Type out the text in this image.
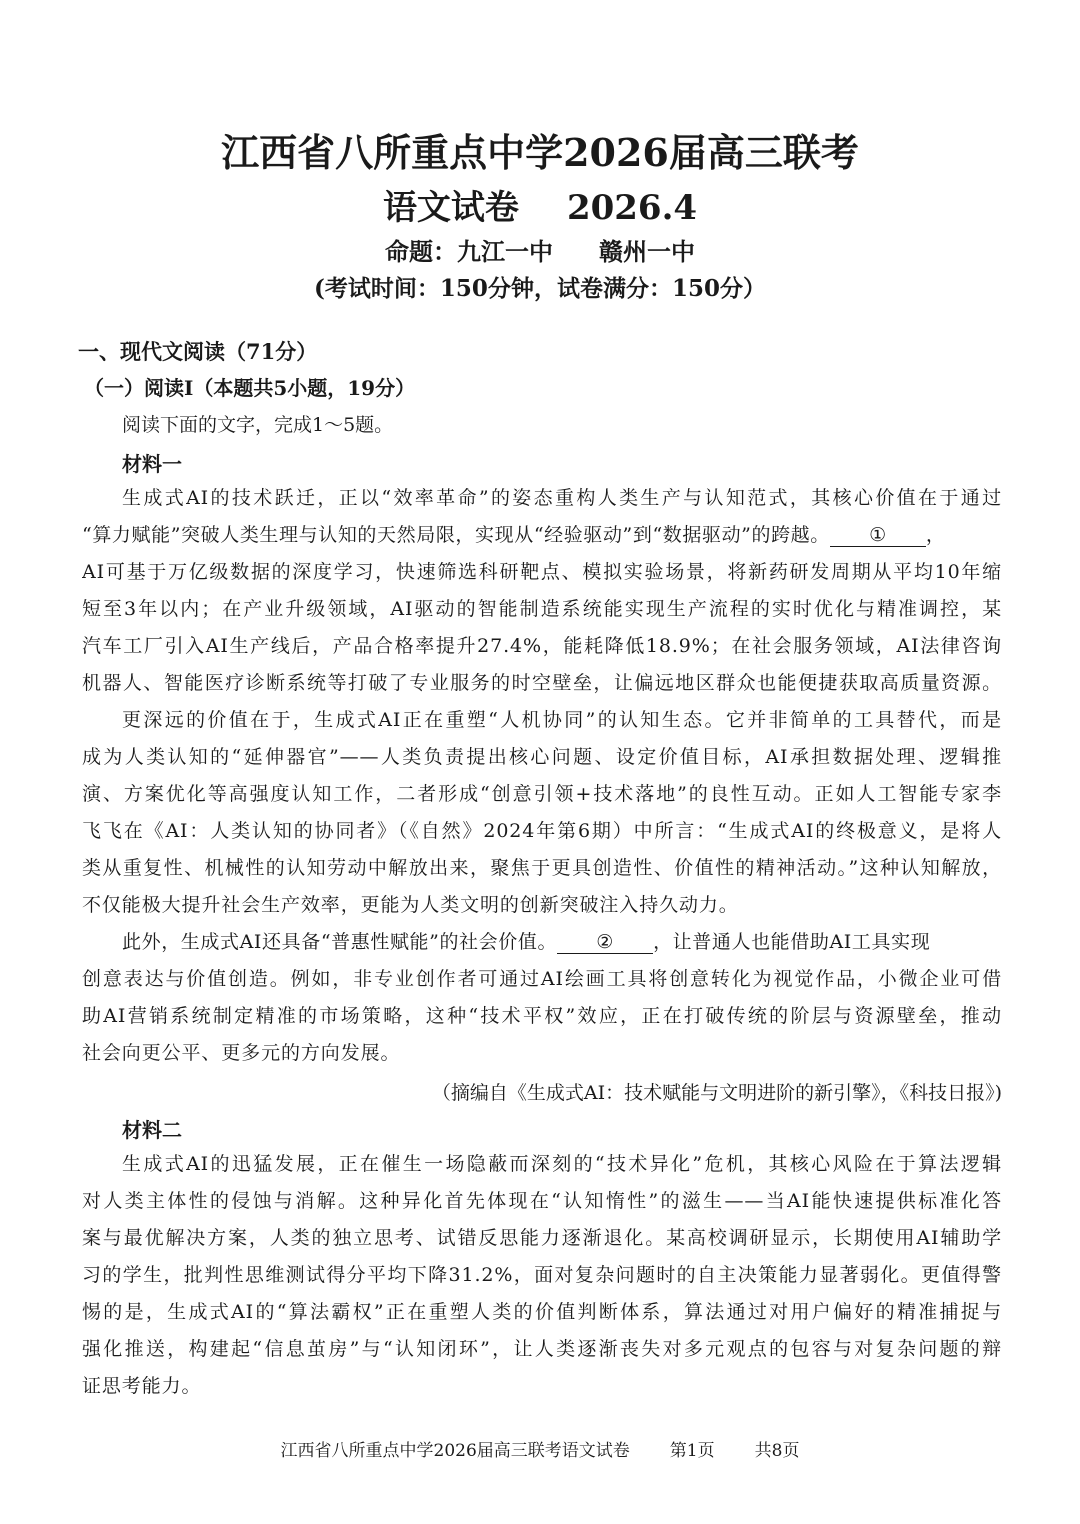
江西省八所重点中学2026届高三联考
语文试卷 2026.4
命题：九江一中 赣州一中
(考试时间：150分钟，试卷满分：150分）
一、现代文阅读（71分）
（一）阅读Ⅰ（本题共5小题，19分）
阅读下面的文字，完成1～5题。
材料一
生成式AI的技术跃迁，正以“效率革命”的姿态重构人类生产与认知范式，其核心价值在于通过
“算力赋能”突破人类生理与认知的天然局限，实现从“经验驱动”到“数据驱动”的跨越。 ① ，
AI可基于万亿级数据的深度学习，快速筛选科研靶点、模拟实验场景，将新药研发周期从平均10年缩
短至3年以内；在产业升级领域，AI驱动的智能制造系统能实现生产流程的实时优化与精准调控，某
汽车工厂引入AI生产线后，产品合格率提升27.4%，能耗降低18.9%；在社会服务领域，AI法律咨询
机器人、智能医疗诊断系统等打破了专业服务的时空壁垒，让偏远地区群众也能便捷获取高质量资源。
更深远的价值在于，生成式AI正在重塑“人机协同”的认知生态。它并非简单的工具替代，而是
成为人类认知的“延伸器官”——人类负责提出核心问题、设定价值目标，AI承担数据处理、逻辑推
演、方案优化等高强度认知工作，二者形成“创意引领+技术落地”的良性互动。正如人工智能专家李
飞飞在《AI：人类认知的协同者》（《自然》2024年第6期）中所言：“生成式AI的终极意义，是将人
类从重复性、机械性的认知劳动中解放出来，聚焦于更具创造性、价值性的精神活动。”这种认知解放，
不仅能极大提升社会生产效率，更能为人类文明的创新突破注入持久动力。
此外，生成式AI还具备“普惠性赋能”的社会价值。 ② ，让普通人也能借助AI工具实现
创意表达与价值创造。例如，非专业创作者可通过AI绘画工具将创意转化为视觉作品，小微企业可借
助AI营销系统制定精准的市场策略，这种“技术平权”效应，正在打破传统的阶层与资源壁垒，推动
社会向更公平、更多元的方向发展。
（摘编自《生成式AI：技术赋能与文明进阶的新引擎》，《科技日报》)
材料二
生成式AI的迅猛发展，正在催生一场隐蔽而深刻的“技术异化”危机，其核心风险在于算法逻辑
对人类主体性的侵蚀与消解。这种异化首先体现在“认知惰性”的滋生——当AI能快速提供标准化答
案与最优解决方案，人类的独立思考、试错反思能力逐渐退化。某高校调研显示，长期使用AI辅助学
习的学生，批判性思维测试得分平均下降31.2%，面对复杂问题时的自主决策能力显著弱化。更值得警
惕的是，生成式AI的“算法霸权”正在重塑人类的价值判断体系，算法通过对用户偏好的精准捕捉与
强化推送，构建起“信息茧房”与“认知闭环”，让人类逐渐丧失对多元观点的包容与对复杂问题的辩
证思考能力。
江西省八所重点中学2026届高三联考语文试卷 第1页 共8页
